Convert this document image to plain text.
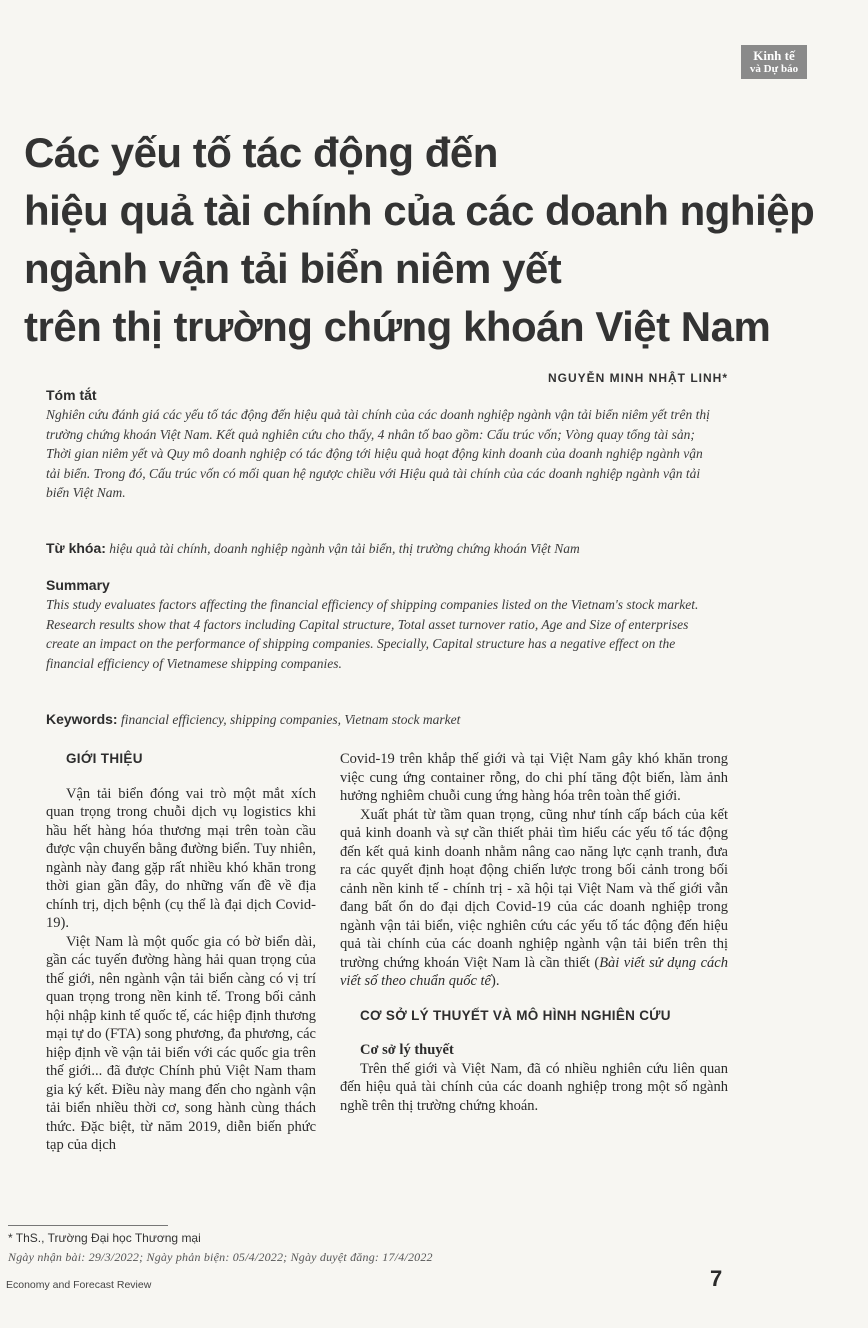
Kinh tế
và Dự báo
Các yếu tố tác động đến
hiệu quả tài chính của các doanh nghiệp
ngành vận tải biển niêm yết
trên thị trường chứng khoán Việt Nam
NGUYỄN MINH NHẬT LINH*

Tóm tắt

Nghiên cứu đánh giá các yếu tố tác động đến hiệu quả tài chính của các doanh nghiệp ngành vận tải biển niêm yết trên thị trường chứng khoán Việt Nam. Kết quả nghiên cứu cho thấy, 4 nhân tố bao gồm: Cấu trúc vốn; Vòng quay tổng tài sản; Thời gian niêm yết và Quy mô doanh nghiệp có tác động tới hiệu quả hoạt động kinh doanh của doanh nghiệp ngành vận tải biển. Trong đó, Cấu trúc vốn có mối quan hệ ngược chiều với Hiệu quả tài chính của các doanh nghiệp ngành vận tải biển Việt Nam.

Từ khóa: hiệu quả tài chính, doanh nghiệp ngành vận tải biển, thị trường chứng khoán Việt Nam

Summary

This study evaluates factors affecting the financial efficiency of shipping companies listed on the Vietnam's stock market. Research results show that 4 factors including Capital structure, Total asset turnover ratio, Age and Size of enterprises create an impact on the performance of shipping companies. Specially, Capital structure has a negative effect on the financial efficiency of Vietnamese shipping companies.

Keywords: financial efficiency, shipping companies, Vietnam stock market

GIỚI THIỆU

Vận tải biển đóng vai trò một mắt xích quan trọng trong chuỗi dịch vụ logistics khi hầu hết hàng hóa thương mại trên toàn cầu được vận chuyển bằng đường biển. Tuy nhiên, ngành này đang gặp rất nhiều khó khăn trong thời gian gần đây, do những vấn đề về địa chính trị, dịch bệnh (cụ thể là đại dịch Covid-19).

Việt Nam là một quốc gia có bờ biển dài, gần các tuyến đường hàng hải quan trọng của thế giới, nên ngành vận tải biển càng có vị trí quan trọng trong nền kinh tế. Trong bối cảnh hội nhập kinh tế quốc tế, các hiệp định thương mại tự do (FTA) song phương, đa phương, các hiệp định về vận tải biển với các quốc gia trên thế giới... đã được Chính phủ Việt Nam tham gia ký kết. Điều này mang đến cho ngành vận tải biển nhiều thời cơ, song hành cùng thách thức. Đặc biệt, từ năm 2019, diễn biến phức tạp của dịch

Covid-19 trên khắp thế giới và tại Việt Nam gây khó khăn trong việc cung ứng container rỗng, do chi phí tăng đột biến, làm ảnh hưởng nghiêm chuỗi cung ứng hàng hóa trên toàn thế giới.

Xuất phát từ tầm quan trọng, cũng như tính cấp bách của kết quả kinh doanh và sự cần thiết phải tìm hiểu các yếu tố tác động đến kết quả kinh doanh nhằm nâng cao năng lực cạnh tranh, đưa ra các quyết định hoạt động chiến lược trong bối cảnh trong bối cảnh nền kinh tế - chính trị - xã hội tại Việt Nam và thế giới vẫn đang bất ổn do đại dịch Covid-19 của các doanh nghiệp trong ngành vận tải biển, việc nghiên cứu các yếu tố tác động đến hiệu quả tài chính của các doanh nghiệp ngành vận tải biển trên thị trường chứng khoán Việt Nam là cần thiết (Bài viết sử dụng cách viết số theo chuẩn quốc tế).

CƠ SỞ LÝ THUYẾT VÀ MÔ HÌNH NGHIÊN CỨU

Cơ sở lý thuyết

Trên thế giới và Việt Nam, đã có nhiều nghiên cứu liên quan đến hiệu quả tài chính của các doanh nghiệp trong một số ngành nghề trên thị trường chứng khoán.

* ThS., Trường Đại học Thương mại
Ngày nhận bài: 29/3/2022; Ngày phản biện: 05/4/2022; Ngày duyệt đăng: 17/4/2022
Economy and Forecast Review	7
